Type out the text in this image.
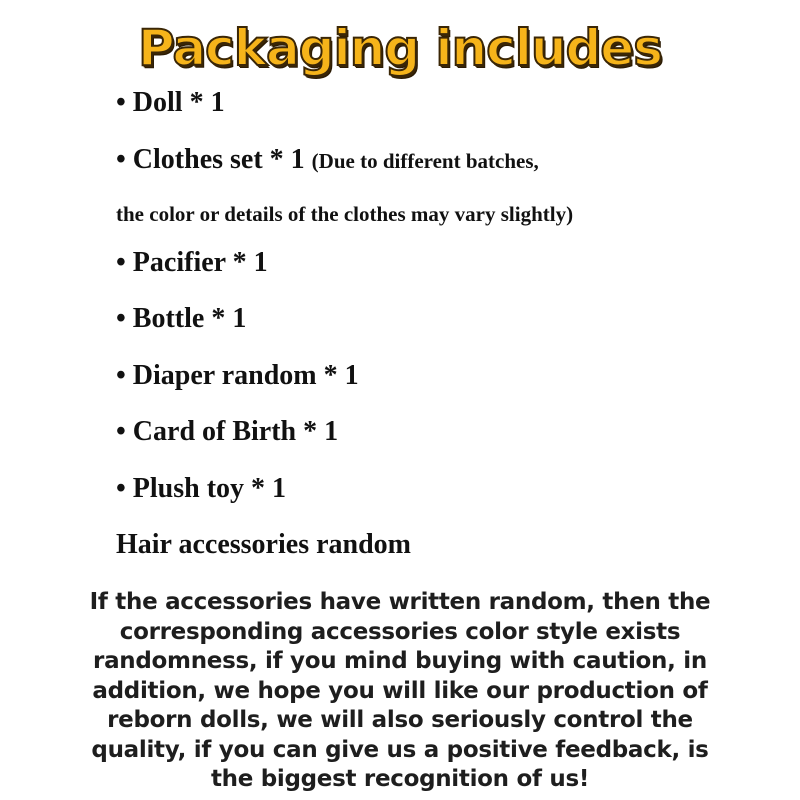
Packaging includes
• Doll * 1
• Clothes set * 1 (Due to different batches,
the color or details of the clothes may vary slightly)
• Pacifier * 1
• Bottle * 1
• Diaper random * 1
• Card of Birth * 1
• Plush toy * 1
Hair accessories random
If the accessories have written random, then the
corresponding accessories color style exists
randomness, if you mind buying with caution, in
addition, we hope you will like our production of
reborn dolls, we will also seriously control the
quality, if you can give us a positive feedback, is
the biggest recognition of us!
